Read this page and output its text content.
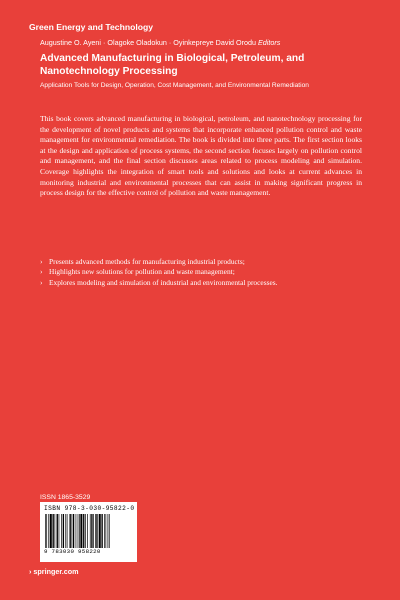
Green Energy and Technology
Augustine O. Ayeni · Olagoke Oladokun · Oyinkepreye David Orodu Editors
Advanced Manufacturing in Biological, Petroleum, and Nanotechnology Processing
Application Tools for Design, Operation, Cost Management, and Environmental Remediation

This book covers advanced manufacturing in biological, petroleum, and nanotechnology processing for the development of novel products and systems that incorporate enhanced pollution control and waste management for environmental remediation. The book is divided into three parts. The first section looks at the design and application of process systems, the second section focuses largely on pollution control and management, and the final section discusses areas related to process modeling and simulation. Coverage highlights the integration of smart tools and solutions and looks at current advances in monitoring industrial and environmental processes that can assist in making significant progress in process design for the effective control of pollution and waste management.

› Presents advanced methods for manufacturing industrial products;
› Highlights new solutions for pollution and waste management;
› Explores modeling and simulation of industrial and environmental processes.
ISSN 1865-3529
ISBN 978-3-030-95822-0
9 783030 958220
› springer.com
